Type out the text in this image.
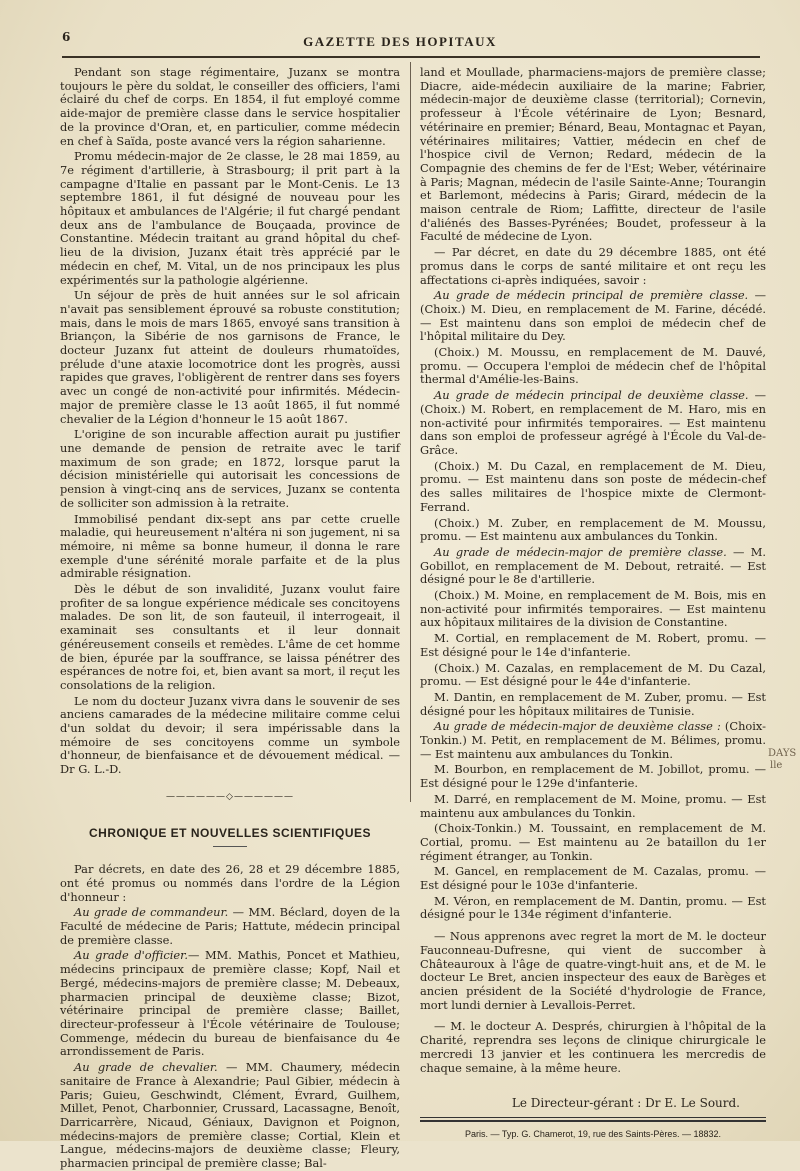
6	GAZETTE DES HOPITAUX

Pendant son stage régimentaire, Juzanx se montra toujours le père du soldat, le conseiller des officiers, l'ami éclairé du chef de corps. En 1854, il fut employé comme aide-major de première classe dans le service hospitalier de la province d'Oran, et, en particulier, comme médecin en chef à Saïda, poste avancé vers la région saharienne.

Promu médecin-major de 2e classe, le 28 mai 1859, au 7e régiment d'artillerie, à Strasbourg; il prit part à la campagne d'Italie en passant par le Mont-Cenis. Le 13 septembre 1861, il fut désigné de nouveau pour les hôpitaux et ambulances de l'Algérie; il fut chargé pendant deux ans de l'ambulance de Bouçaada, province de Constantine. Médecin traitant au grand hôpital du chef-lieu de la division, Juzanx était très apprécié par le médecin en chef, M. Vital, un de nos principaux les plus expérimentés sur la pathologie algérienne.

Un séjour de près de huit années sur le sol africain n'avait pas sensiblement éprouvé sa robuste constitution; mais, dans le mois de mars 1865, envoyé sans transition à Briançon, la Sibérie de nos garnisons de France, le docteur Juzanx fut atteint de douleurs rhumatoïdes, prélude d'une ataxie locomotrice dont les progrès, aussi rapides que graves, l'obligèrent de rentrer dans ses foyers avec un congé de non-activité pour infirmités. Médecin-major de première classe le 13 août 1865, il fut nommé chevalier de la Légion d'honneur le 15 août 1867.

L'origine de son incurable affection aurait pu justifier une demande de pension de retraite avec le tarif maximum de son grade; en 1872, lorsque parut la décision ministérielle qui autorisait les concessions de pension à vingt-cinq ans de services, Juzanx se contenta de solliciter son admission à la retraite.

Immobilisé pendant dix-sept ans par cette cruelle maladie, qui heureusement n'altéra ni son jugement, ni sa mémoire, ni même sa bonne humeur, il donna le rare exemple d'une sérénité morale parfaite et de la plus admirable résignation.

Dès le début de son invalidité, Juzanx voulut faire profiter de sa longue expérience médicale ses concitoyens malades. De son lit, de son fauteuil, il interrogeait, il examinait ses consultants et il leur donnait généreusement conseils et remèdes. L'âme de cet homme de bien, épurée par la souffrance, se laissa pénétrer des espérances de notre foi, et, bien avant sa mort, il reçut les consolations de la religion.

Le nom du docteur Juzanx vivra dans le souvenir de ses anciens camarades de la médecine militaire comme celui d'un soldat du devoir; il sera impérissable dans la mémoire de ses concitoyens comme un symbole d'honneur, de bienfaisance et de dévouement médical. — Dr G. L.-D.

——————◇——————
CHRONIQUE ET NOUVELLES SCIENTIFIQUES

Par décrets, en date des 26, 28 et 29 décembre 1885, ont été promus ou nommés dans l'ordre de la Légion d'honneur :

Au grade de commandeur. — MM. Béclard, doyen de la Faculté de médecine de Paris; Hattute, médecin principal de première classe.

Au grade d'officier.— MM. Mathis, Poncet et Mathieu, médecins principaux de première classe; Kopf, Nail et Bergé, médecins-majors de première classe; M. Debeaux, pharmacien principal de deuxième classe; Bizot, vétérinaire principal de première classe; Baillet, directeur-professeur à l'École vétérinaire de Toulouse; Commenge, médecin du bureau de bienfaisance du 4e arrondissement de Paris.

Au grade de chevalier. — MM. Chaumery, médecin sanitaire de France à Alexandrie; Paul Gibier, médecin à Paris; Guieu, Geschwindt, Clément, Évrard, Guilhem, Millet, Penot, Charbonnier, Crussard, Lacassagne, Benoît, Darricarrère, Nicaud, Géniaux, Davignon et Poignon, médecins-majors de première classe; Cortial, Klein et Langue, médecins-majors de deuxième classe; Fleury, pharmacien principal de première classe; Bal-

land et Moullade, pharmaciens-majors de première classe; Diacre, aide-médecin auxiliaire de la marine; Fabrier, médecin-major de deuxième classe (territorial); Cornevin, professeur à l'École vétérinaire de Lyon; Besnard, vétérinaire en premier; Bénard, Beau, Montagnac et Payan, vétérinaires militaires; Vattier, médecin en chef de l'hospice civil de Vernon; Redard, médecin de la Compagnie des chemins de fer de l'Est; Weber, vétérinaire à Paris; Magnan, médecin de l'asile Sainte-Anne; Tourangin et Barlemont, médecins à Paris; Girard, médecin de la maison centrale de Riom; Laffitte, directeur de l'asile d'aliénés des Basses-Pyrénées; Boudet, professeur à la Faculté de médecine de Lyon.

— Par décret, en date du 29 décembre 1885, ont été promus dans le corps de santé militaire et ont reçu les affectations ci-après indiquées, savoir :

Au grade de médecin principal de première classe. — (Choix.) M. Dieu, en remplacement de M. Farine, décédé. — Est maintenu dans son emploi de médecin chef de l'hôpital militaire du Dey.

(Choix.) M. Moussu, en remplacement de M. Dauvé, promu. — Occupera l'emploi de médecin chef de l'hôpital thermal d'Amélie-les-Bains.

Au grade de médecin principal de deuxième classe. — (Choix.) M. Robert, en remplacement de M. Haro, mis en non-activité pour infirmités temporaires. — Est maintenu dans son emploi de professeur agrégé à l'École du Val-de-Grâce.

(Choix.) M. Du Cazal, en remplacement de M. Dieu, promu. — Est maintenu dans son poste de médecin-chef des salles militaires de l'hospice mixte de Clermont-Ferrand.

(Choix.) M. Zuber, en remplacement de M. Moussu, promu. — Est maintenu aux ambulances du Tonkin.

Au grade de médecin-major de première classe. — M. Gobillot, en remplacement de M. Debout, retraité. — Est désigné pour le 8e d'artillerie.

(Choix.) M. Moine, en remplacement de M. Bois, mis en non-activité pour infirmités temporaires. — Est maintenu aux hôpitaux militaires de la division de Constantine.

M. Cortial, en remplacement de M. Robert, promu. — Est désigné pour le 14e d'infanterie.

(Choix.) M. Cazalas, en remplacement de M. Du Cazal, promu. — Est désigné pour le 44e d'infanterie.

M. Dantin, en remplacement de M. Zuber, promu. — Est désigné pour les hôpitaux militaires de Tunisie.

Au grade de médecin-major de deuxième classe : (Choix-Tonkin.) M. Petit, en remplacement de M. Bélimes, promu. — Est maintenu aux ambulances du Tonkin.

M. Bourbon, en remplacement de M. Jobillot, promu. — Est désigné pour le 129e d'infanterie.

M. Darré, en remplacement de M. Moine, promu. — Est maintenu aux ambulances du Tonkin.

(Choix-Tonkin.) M. Toussaint, en remplacement de M. Cortial, promu. — Est maintenu au 2e bataillon du 1er régiment étranger, au Tonkin.

M. Gancel, en remplacement de M. Cazalas, promu. — Est désigné pour le 103e d'infanterie.

M. Véron, en remplacement de M. Dantin, promu. — Est désigné pour le 134e régiment d'infanterie.

— Nous apprenons avec regret la mort de M. le docteur Fauconneau-Dufresne, qui vient de succomber à Châteauroux à l'âge de quatre-vingt-huit ans, et de M. le docteur Le Bret, ancien inspecteur des eaux de Barèges et ancien président de la Société d'hydrologie de France, mort lundi dernier à Levallois-Perret.

— M. le docteur A. Després, chirurgien à l'hôpital de la Charité, reprendra ses leçons de clinique chirurgicale le mercredi 13 janvier et les continuera les mercredis de chaque semaine, à la même heure.

Le Directeur-gérant : Dr E. Le Sourd.
Paris. — Typ. G. Chamerot, 19, rue des Saints-Pères. — 18832.
DAYS
lle
